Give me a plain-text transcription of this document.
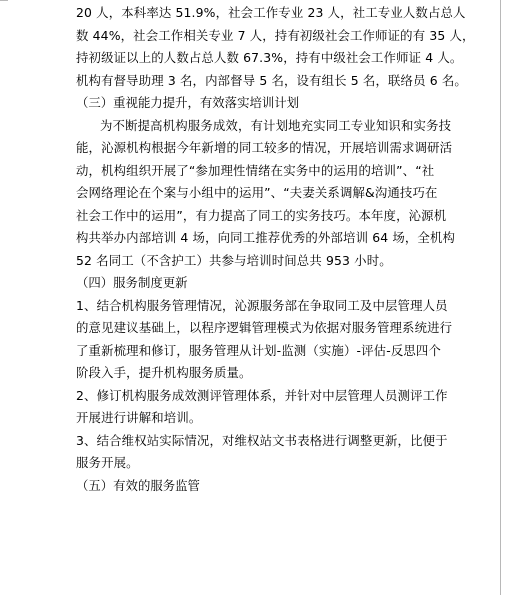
20 人，本科率达 51.9%，社会工作专业 23 人，社工专业人数占总人
数 44%，社会工作相关专业 7 人，持有初级社会工作师证的有 35 人，
持初级证以上的人数占总人数 67.3%，持有中级社会工作师证 4 人。
机构有督导助理 3 名，内部督导 5 名，设有组长 5 名，联络员 6 名。
（三）重视能力提升，有效落实培训计划
为不断提高机构服务成效，有计划地充实同工专业知识和实务技
能，沁源机构根据今年新增的同工较多的情况，开展培训需求调研活
动，机构组织开展了“参加理性情绪在实务中的运用的培训”、“社
会网络理论在个案与小组中的运用”、“夫妻关系调解&沟通技巧在
社会工作中的运用”，有力提高了同工的实务技巧。本年度，沁源机
构共举办内部培训 4 场，向同工推荐优秀的外部培训 64 场，全机构
52 名同工（不含护工）共参与培训时间总共 953 小时。
（四）服务制度更新
1、结合机构服务管理情况，沁源服务部在争取同工及中层管理人员
的意见建议基础上，以程序逻辑管理模式为依据对服务管理系统进行
了重新梳理和修订，服务管理从计划-监测（实施）-评估-反思四个
阶段入手，提升机构服务质量。
2、修订机构服务成效测评管理体系，并针对中层管理人员测评工作
开展进行讲解和培训。
3、结合维权站实际情况，对维权站文书表格进行调整更新，比便于
服务开展。
（五）有效的服务监管
